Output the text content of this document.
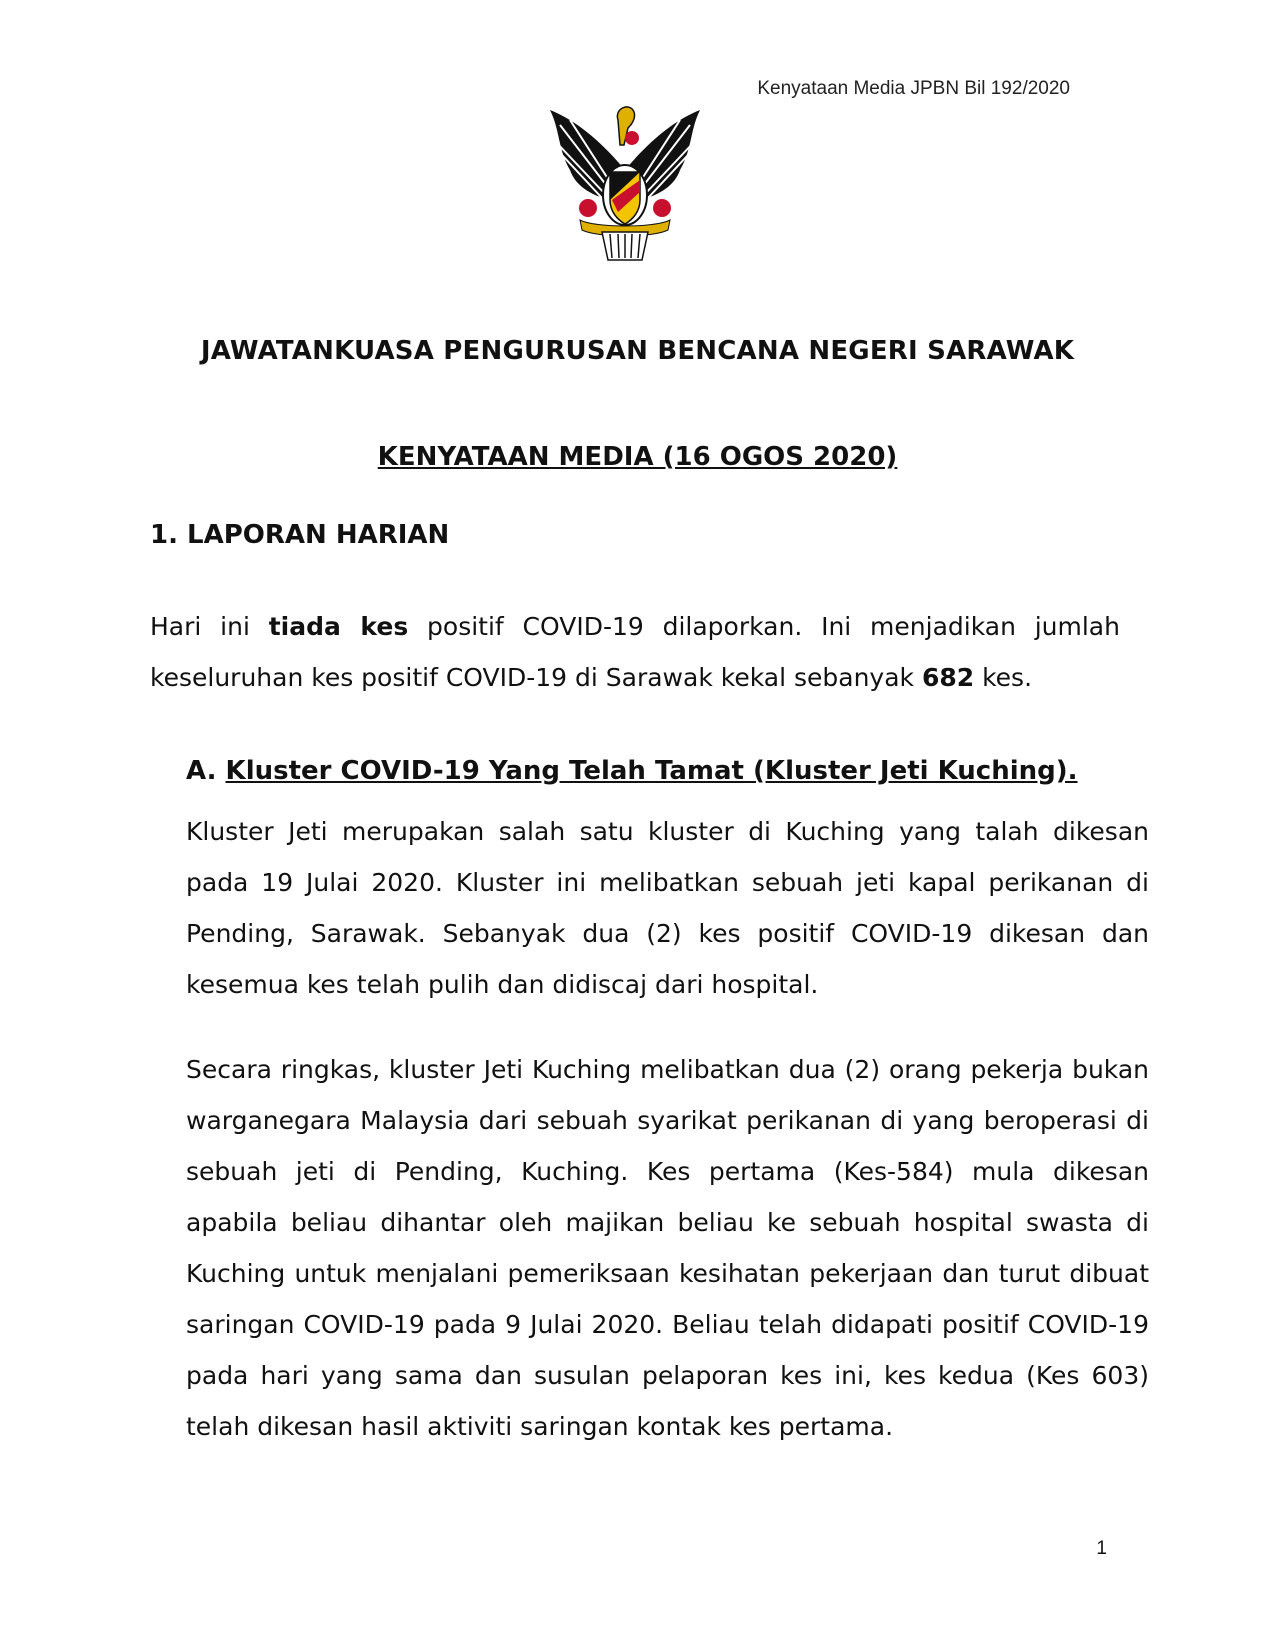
Kenyataan Media JPBN Bil 192/2020
JAWATANKUASA PENGURUSAN BENCANA NEGERI SARAWAK
KENYATAAN MEDIA (16 OGOS 2020)
1. LAPORAN HARIAN

Hari ini tiada kes positif COVID-19 dilaporkan. Ini menjadikan jumlah keseluruhan kes positif COVID-19 di Sarawak kekal sebanyak 682 kes.

A. Kluster COVID-19 Yang Telah Tamat (Kluster Jeti Kuching).

Kluster Jeti merupakan salah satu kluster di Kuching yang talah dikesan pada 19 Julai 2020. Kluster ini melibatkan sebuah jeti kapal perikanan di Pending, Sarawak. Sebanyak dua (2) kes positif COVID-19 dikesan dan kesemua kes telah pulih dan didiscaj dari hospital.

Secara ringkas, kluster Jeti Kuching melibatkan dua (2) orang pekerja bukan warganegara Malaysia dari sebuah syarikat perikanan di yang beroperasi di sebuah jeti di Pending, Kuching. Kes pertama (Kes-584) mula dikesan apabila beliau dihantar oleh majikan beliau ke sebuah hospital swasta di Kuching untuk menjalani pemeriksaan kesihatan pekerjaan dan turut dibuat saringan COVID-19 pada 9 Julai 2020. Beliau telah didapati positif COVID-19 pada hari yang sama dan susulan pelaporan kes ini, kes kedua (Kes 603) telah dikesan hasil aktiviti saringan kontak kes pertama.

1
